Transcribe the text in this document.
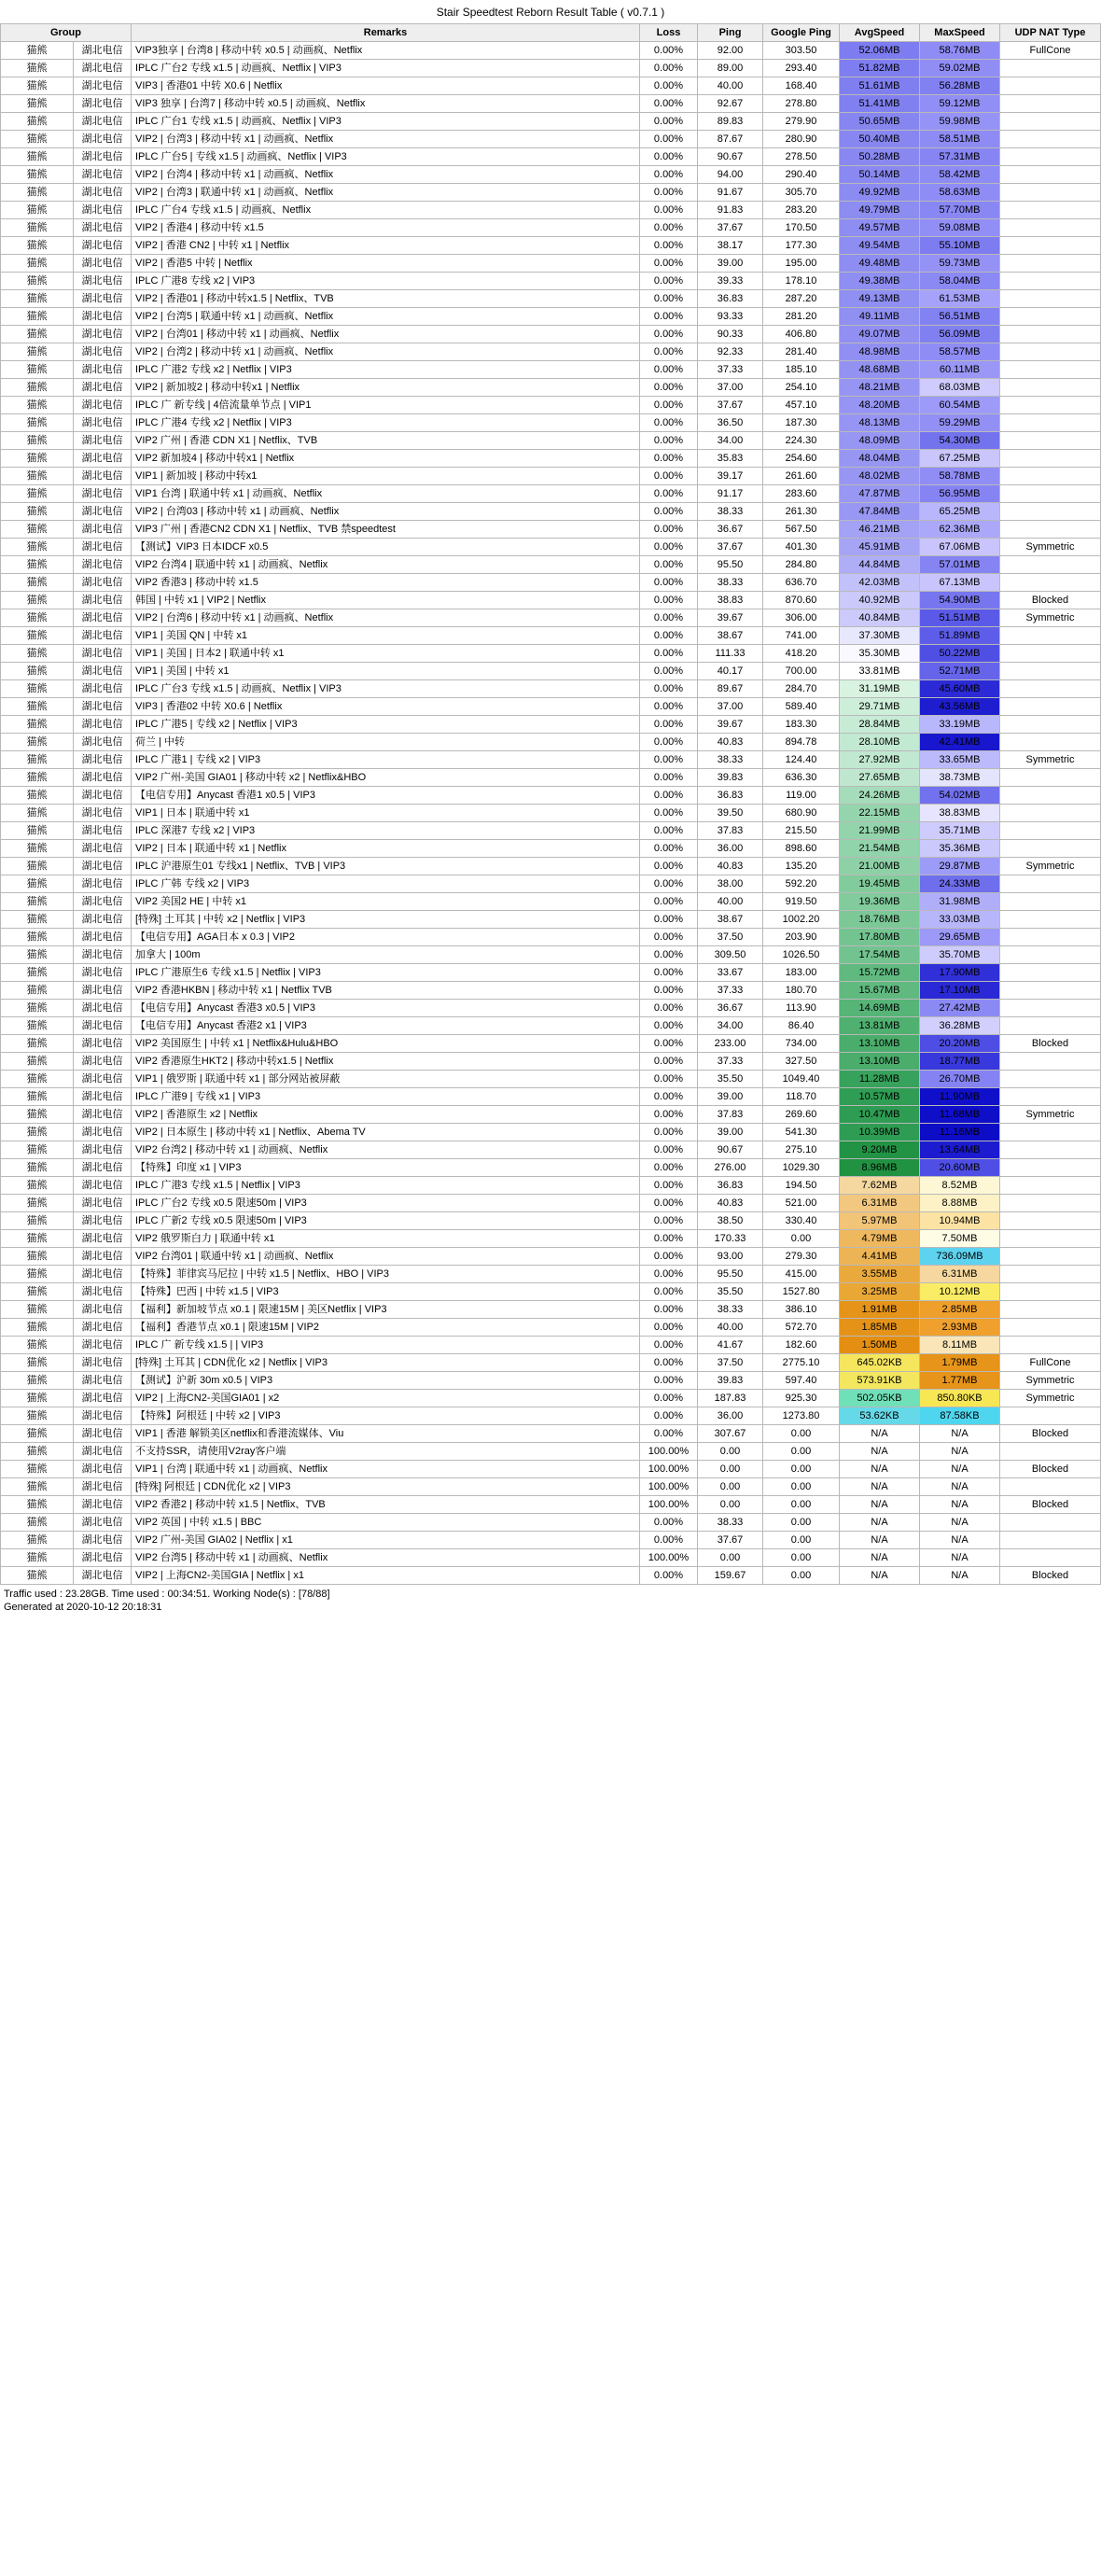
Stair Speedtest Reborn Result Table ( v0.7.1 )
Group		Remarks	Loss	Ping	Google Ping	AvgSpeed	MaxSpeed	UDP NAT Type
猫熊	湖北电信	VIP3独享 | 台湾8 | 移动中转 x0.5 | 动画疯、Netflix	0.00%	92.00	303.50	52.06MB	58.76MB	FullCone
猫熊	湖北电信	IPLC 广台2 专线 x1.5 | 动画疯、Netflix | VIP3	0.00%	89.00	293.40	51.82MB	59.02MB	
猫熊	湖北电信	VIP3 | 香港01 中转 X0.6 | Netflix	0.00%	40.00	168.40	51.61MB	56.28MB	
猫熊	湖北电信	VIP3 独享 | 台湾7 | 移动中转 x0.5 | 动画疯、Netflix	0.00%	92.67	278.80	51.41MB	59.12MB	
猫熊	湖北电信	IPLC 广台1 专线 x1.5 | 动画疯、Netflix | VIP3	0.00%	89.83	279.90	50.65MB	59.98MB	
猫熊	湖北电信	VIP2 | 台湾3 | 移动中转 x1 | 动画疯、Netflix	0.00%	87.67	280.90	50.40MB	58.51MB	
猫熊	湖北电信	IPLC 广台5 | 专线 x1.5 | 动画疯、Netflix | VIP3	0.00%	90.67	278.50	50.28MB	57.31MB	
猫熊	湖北电信	VIP2 | 台湾4 | 移动中转 x1 | 动画疯、Netflix	0.00%	94.00	290.40	50.14MB	58.42MB	
猫熊	湖北电信	VIP2 | 台湾3 | 联通中转 x1 | 动画疯、Netflix	0.00%	91.67	305.70	49.92MB	58.63MB	
猫熊	湖北电信	IPLC 广台4 专线 x1.5 | 动画疯、Netflix	0.00%	91.83	283.20	49.79MB	57.70MB	
猫熊	湖北电信	VIP2 | 香港4 | 移动中转 x1.5	0.00%	37.67	170.50	49.57MB	59.08MB	
猫熊	湖北电信	VIP2 | 香港 CN2 | 中转 x1 | Netflix	0.00%	38.17	177.30	49.54MB	55.10MB	
猫熊	湖北电信	VIP2 | 香港5 中转 | Netflix	0.00%	39.00	195.00	49.48MB	59.73MB	
猫熊	湖北电信	IPLC 广港8 专线 x2 | VIP3	0.00%	39.33	178.10	49.38MB	58.04MB	
猫熊	湖北电信	VIP2 | 香港01 | 移动中转x1.5 | Netflix、TVB	0.00%	36.83	287.20	49.13MB	61.53MB	
猫熊	湖北电信	VIP2 | 台湾5 | 联通中转 x1 | 动画疯、Netflix	0.00%	93.33	281.20	49.11MB	56.51MB	
猫熊	湖北电信	VIP2 | 台湾01 | 移动中转 x1 | 动画疯、Netflix	0.00%	90.33	406.80	49.07MB	56.09MB	
猫熊	湖北电信	VIP2 | 台湾2 | 移动中转 x1 | 动画疯、Netflix	0.00%	92.33	281.40	48.98MB	58.57MB	
猫熊	湖北电信	IPLC 广港2 专线 x2 | Netflix | VIP3	0.00%	37.33	185.10	48.68MB	60.11MB	
猫熊	湖北电信	VIP2 | 新加坡2 | 移动中转x1 | Netflix	0.00%	37.00	254.10	48.21MB	68.03MB	
猫熊	湖北电信	IPLC 广 新专线 | 4倍流量单节点 | VIP1	0.00%	37.67	457.10	48.20MB	60.54MB	
猫熊	湖北电信	IPLC 广港4 专线 x2 | Netflix | VIP3	0.00%	36.50	187.30	48.13MB	59.29MB	
猫熊	湖北电信	VIP2 广州 | 香港 CDN X1 | Netflix、TVB	0.00%	34.00	224.30	48.09MB	54.30MB	
猫熊	湖北电信	VIP2 新加坡4 | 移动中转x1 | Netflix	0.00%	35.83	254.60	48.04MB	67.25MB	
猫熊	湖北电信	VIP1 | 新加坡 | 移动中转x1	0.00%	39.17	261.60	48.02MB	58.78MB	
猫熊	湖北电信	VIP1 台湾 | 联通中转 x1 | 动画疯、Netflix	0.00%	91.17	283.60	47.87MB	56.95MB	
猫熊	湖北电信	VIP2 | 台湾03 | 移动中转 x1 | 动画疯、Netflix	0.00%	38.33	261.30	47.84MB	65.25MB	
猫熊	湖北电信	VIP3 广州 | 香港CN2 CDN X1 | Netflix、TVB 禁speedtest	0.00%	36.67	567.50	46.21MB	62.36MB	
猫熊	湖北电信	【测试】VIP3 日本IDCF x0.5	0.00%	37.67	401.30	45.91MB	67.06MB	Symmetric
猫熊	湖北电信	VIP2 台湾4 | 联通中转 x1 | 动画疯、Netflix	0.00%	95.50	284.80	44.84MB	57.01MB	
猫熊	湖北电信	VIP2 香港3 | 移动中转 x1.5	0.00%	38.33	636.70	42.03MB	67.13MB	
猫熊	湖北电信	韩国 | 中转 x1 | VIP2 | Netflix	0.00%	38.83	870.60	40.92MB	54.90MB	Blocked
猫熊	湖北电信	VIP2 | 台湾6 | 移动中转 x1 | 动画疯、Netflix	0.00%	39.67	306.00	40.84MB	51.51MB	Symmetric
猫熊	湖北电信	VIP1 | 美国 QN | 中转 x1	0.00%	38.67	741.00	37.30MB	51.89MB	
猫熊	湖北电信	VIP1 | 美国 | 日本2 | 联通中转 x1	0.00%	111.33	418.20	35.30MB	50.22MB	
猫熊	湖北电信	VIP1 | 美国 | 中转 x1	0.00%	40.17	700.00	33.81MB	52.71MB	
猫熊	湖北电信	IPLC 广台3 专线 x1.5 | 动画疯、Netflix | VIP3	0.00%	89.67	284.70	31.19MB	45.60MB	
猫熊	湖北电信	VIP3 | 香港02 中转 X0.6 | Netflix	0.00%	37.00	589.40	29.71MB	43.56MB	
猫熊	湖北电信	IPLC 广港5 | 专线 x2 | Netflix | VIP3	0.00%	39.67	183.30	28.84MB	33.19MB	
猫熊	湖北电信	荷兰 | 中转	0.00%	40.83	894.78	28.10MB	42.41MB	
猫熊	湖北电信	IPLC 广港1 | 专线 x2 | VIP3	0.00%	38.33	124.40	27.92MB	33.65MB	Symmetric
猫熊	湖北电信	VIP2 广州-美国 GIA01 | 移动中转 x2 | Netflix&HBO	0.00%	39.83	636.30	27.65MB	38.73MB	
猫熊	湖北电信	【电信专用】Anycast 香港1 x0.5 | VIP3	0.00%	36.83	119.00	24.26MB	54.02MB	
猫熊	湖北电信	VIP1 | 日本 | 联通中转 x1	0.00%	39.50	680.90	22.15MB	38.83MB	
猫熊	湖北电信	IPLC 深港7 专线 x2 | VIP3	0.00%	37.83	215.50	21.99MB	35.71MB	
猫熊	湖北电信	VIP2 | 日本 | 联通中转 x1 | Netflix	0.00%	36.00	898.60	21.54MB	35.36MB	
猫熊	湖北电信	IPLC 沪港原生01 专线x1 | Netflix、TVB | VIP3	0.00%	40.83	135.20	21.00MB	29.87MB	Symmetric
猫熊	湖北电信	IPLC 广韩 专线 x2 | VIP3	0.00%	38.00	592.20	19.45MB	24.33MB	
猫熊	湖北电信	VIP2 美国2 HE | 中转 x1	0.00%	40.00	919.50	19.36MB	31.98MB	
猫熊	湖北电信	[特殊] 土耳其 | 中转 x2 | Netflix | VIP3	0.00%	38.67	1002.20	18.76MB	33.03MB	
猫熊	湖北电信	【电信专用】AGA日本 x 0.3 | VIP2	0.00%	37.50	203.90	17.80MB	29.65MB	
猫熊	湖北电信	加拿大 | 100m	0.00%	309.50	1026.50	17.54MB	35.70MB	
猫熊	湖北电信	IPLC 广港原生6 专线 x1.5 | Netflix | VIP3	0.00%	33.67	183.00	15.72MB	17.90MB	
猫熊	湖北电信	VIP2 香港HKBN | 移动中转 x1 | Netflix TVB	0.00%	37.33	180.70	15.67MB	17.10MB	
猫熊	湖北电信	【电信专用】Anycast 香港3 x0.5 | VIP3	0.00%	36.67	113.90	14.69MB	27.42MB	
猫熊	湖北电信	【电信专用】Anycast 香港2 x1 | VIP3	0.00%	34.00	86.40	13.81MB	36.28MB	
猫熊	湖北电信	VIP2 美国原生 | 中转 x1 | Netflix&Hulu&HBO	0.00%	233.00	734.00	13.10MB	20.20MB	Blocked
猫熊	湖北电信	VIP2 香港原生HKT2 | 移动中转x1.5 | Netflix	0.00%	37.33	327.50	13.10MB	18.77MB	
猫熊	湖北电信	VIP1 | 俄罗斯 | 联通中转 x1 | 部分网站被屏蔽	0.00%	35.50	1049.40	11.28MB	26.70MB	
猫熊	湖北电信	IPLC 广港9 | 专线 x1 | VIP3	0.00%	39.00	118.70	10.57MB	11.90MB	
猫熊	湖北电信	VIP2 | 香港原生 x2 | Netflix	0.00%	37.83	269.60	10.47MB	11.68MB	Symmetric
猫熊	湖北电信	VIP2 | 日本原生 | 移动中转 x1 | Netflix、Abema TV	0.00%	39.00	541.30	10.39MB	11.16MB	
猫熊	湖北电信	VIP2 台湾2 | 移动中转 x1 | 动画疯、Netflix	0.00%	90.67	275.10	9.20MB	13.64MB	
猫熊	湖北电信	【特殊】印度 x1 | VIP3	0.00%	276.00	1029.30	8.96MB	20.60MB	
猫熊	湖北电信	IPLC 广港3 专线 x1.5 | Netflix | VIP3	0.00%	36.83	194.50	7.62MB	8.52MB	
猫熊	湖北电信	IPLC 广台2 专线 x0.5 限速50m | VIP3	0.00%	40.83	521.00	6.31MB	8.88MB	
猫熊	湖北电信	IPLC 广新2 专线 x0.5 限速50m | VIP3	0.00%	38.50	330.40	5.97MB	10.94MB	
猫熊	湖北电信	VIP2 俄罗斯白力 | 联通中转 x1	0.00%	170.33	0.00	4.79MB	7.50MB	
猫熊	湖北电信	VIP2 台湾01 | 联通中转 x1 | 动画疯、Netflix	0.00%	93.00	279.30	4.41MB	736.09MB	
猫熊	湖北电信	【特殊】菲律宾马尼拉 | 中转 x1.5 | Netflix、HBO | VIP3	0.00%	95.50	415.00	3.55MB	6.31MB	
猫熊	湖北电信	【特殊】巴西 | 中转 x1.5 | VIP3	0.00%	35.50	1527.80	3.25MB	10.12MB	
猫熊	湖北电信	【福利】新加坡节点 x0.1 | 限速15M | 美区Netflix | VIP3	0.00%	38.33	386.10	1.91MB	2.85MB	
猫熊	湖北电信	【福利】香港节点 x0.1 | 限速15M | VIP2	0.00%	40.00	572.70	1.85MB	2.93MB	
猫熊	湖北电信	IPLC 广 新专线 x1.5 | | VIP3	0.00%	41.67	182.60	1.50MB	8.11MB	
猫熊	湖北电信	[特殊] 土耳其 | CDN优化 x2 | Netflix | VIP3	0.00%	37.50	2775.10	645.02KB	1.79MB	FullCone
猫熊	湖北电信	【测试】沪新 30m x0.5 | VIP3	0.00%	39.83	597.40	573.91KB	1.77MB	Symmetric
猫熊	湖北电信	VIP2 | 上海CN2-美国GIA01 | x2	0.00%	187.83	925.30	502.05KB	850.80KB	Symmetric
猫熊	湖北电信	【特殊】阿根廷 | 中转 x2 | VIP3	0.00%	36.00	1273.80	53.62KB	87.58KB	
猫熊	湖北电信	VIP1 | 香港 解锁美区netflix和香港流媒体、Viu	0.00%	307.67	0.00	N/A	N/A	Blocked
猫熊	湖北电信	不支持SSR，请使用V2ray客户端	100.00%	0.00	0.00	N/A	N/A	
猫熊	湖北电信	VIP1 | 台湾 | 联通中转 x1 | 动画疯、Netflix	100.00%	0.00	0.00	N/A	N/A	Blocked
猫熊	湖北电信	[特殊] 阿根廷 | CDN优化 x2 | VIP3	100.00%	0.00	0.00	N/A	N/A	
猫熊	湖北电信	VIP2 香港2 | 移动中转 x1.5 | Netflix、TVB	100.00%	0.00	0.00	N/A	N/A	Blocked
猫熊	湖北电信	VIP2 英国 | 中转 x1.5 | BBC	0.00%	38.33	0.00	N/A	N/A	
猫熊	湖北电信	VIP2 广州-美国 GIA02 | Netflix | x1	0.00%	37.67	0.00	N/A	N/A	
猫熊	湖北电信	VIP2 台湾5 | 移动中转 x1 | 动画疯、Netflix	100.00%	0.00	0.00	N/A	N/A	
猫熊	湖北电信	VIP2 | 上海CN2-美国GIA | Netflix | x1	0.00%	159.67	0.00	N/A	N/A	Blocked
Traffic used : 23.28GB. Time used : 00:34:51. Working Node(s) : [78/88]
Generated at 2020-10-12 20:18:31
